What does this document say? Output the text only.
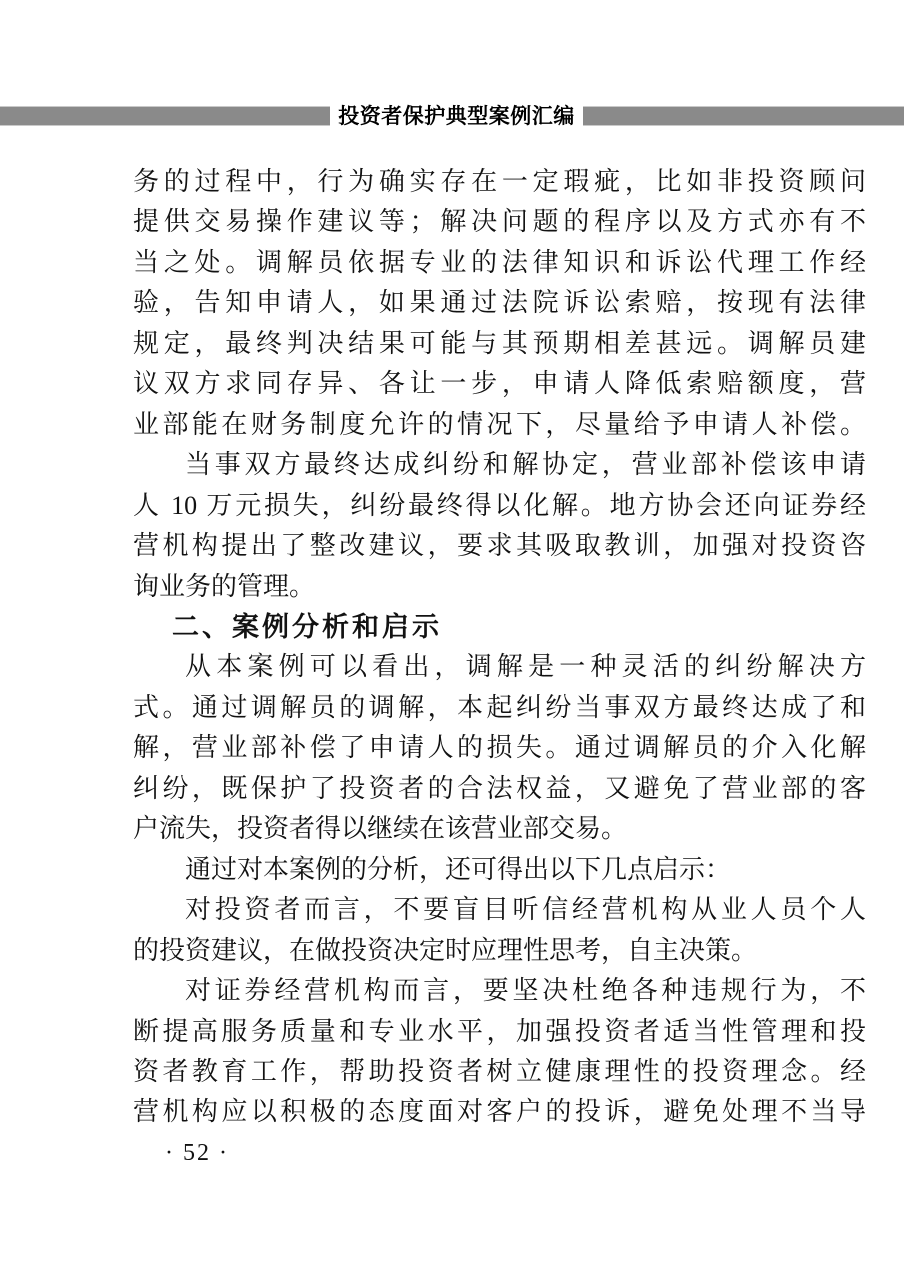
投资者保护典型案例汇编
务的过程中，行为确实存在一定瑕疵，比如非投资顾问
提供交易操作建议等；解决问题的程序以及方式亦有不
当之处。调解员依据专业的法律知识和诉讼代理工作经
验，告知申请人，如果通过法院诉讼索赔，按现有法律
规定，最终判决结果可能与其预期相差甚远。调解员建
议双方求同存异、各让一步，申请人降低索赔额度，营
业部能在财务制度允许的情况下，尽量给予申请人补偿。
当事双方最终达成纠纷和解协定，营业部补偿该申请
人 10 万元损失，纠纷最终得以化解。地方协会还向证券经
营机构提出了整改建议，要求其吸取教训，加强对投资咨
询业务的管理。
二、案例分析和启示
从本案例可以看出，调解是一种灵活的纠纷解决方
式。通过调解员的调解，本起纠纷当事双方最终达成了和
解，营业部补偿了申请人的损失。通过调解员的介入化解
纠纷，既保护了投资者的合法权益，又避免了营业部的客
户流失，投资者得以继续在该营业部交易。
通过对本案例的分析，还可得出以下几点启示：
对投资者而言，不要盲目听信经营机构从业人员个人
的投资建议，在做投资决定时应理性思考，自主决策。
对证券经营机构而言，要坚决杜绝各种违规行为，不
断提高服务质量和专业水平，加强投资者适当性管理和投
资者教育工作，帮助投资者树立健康理性的投资理念。经
营机构应以积极的态度面对客户的投诉，避免处理不当导
· 52 ·
